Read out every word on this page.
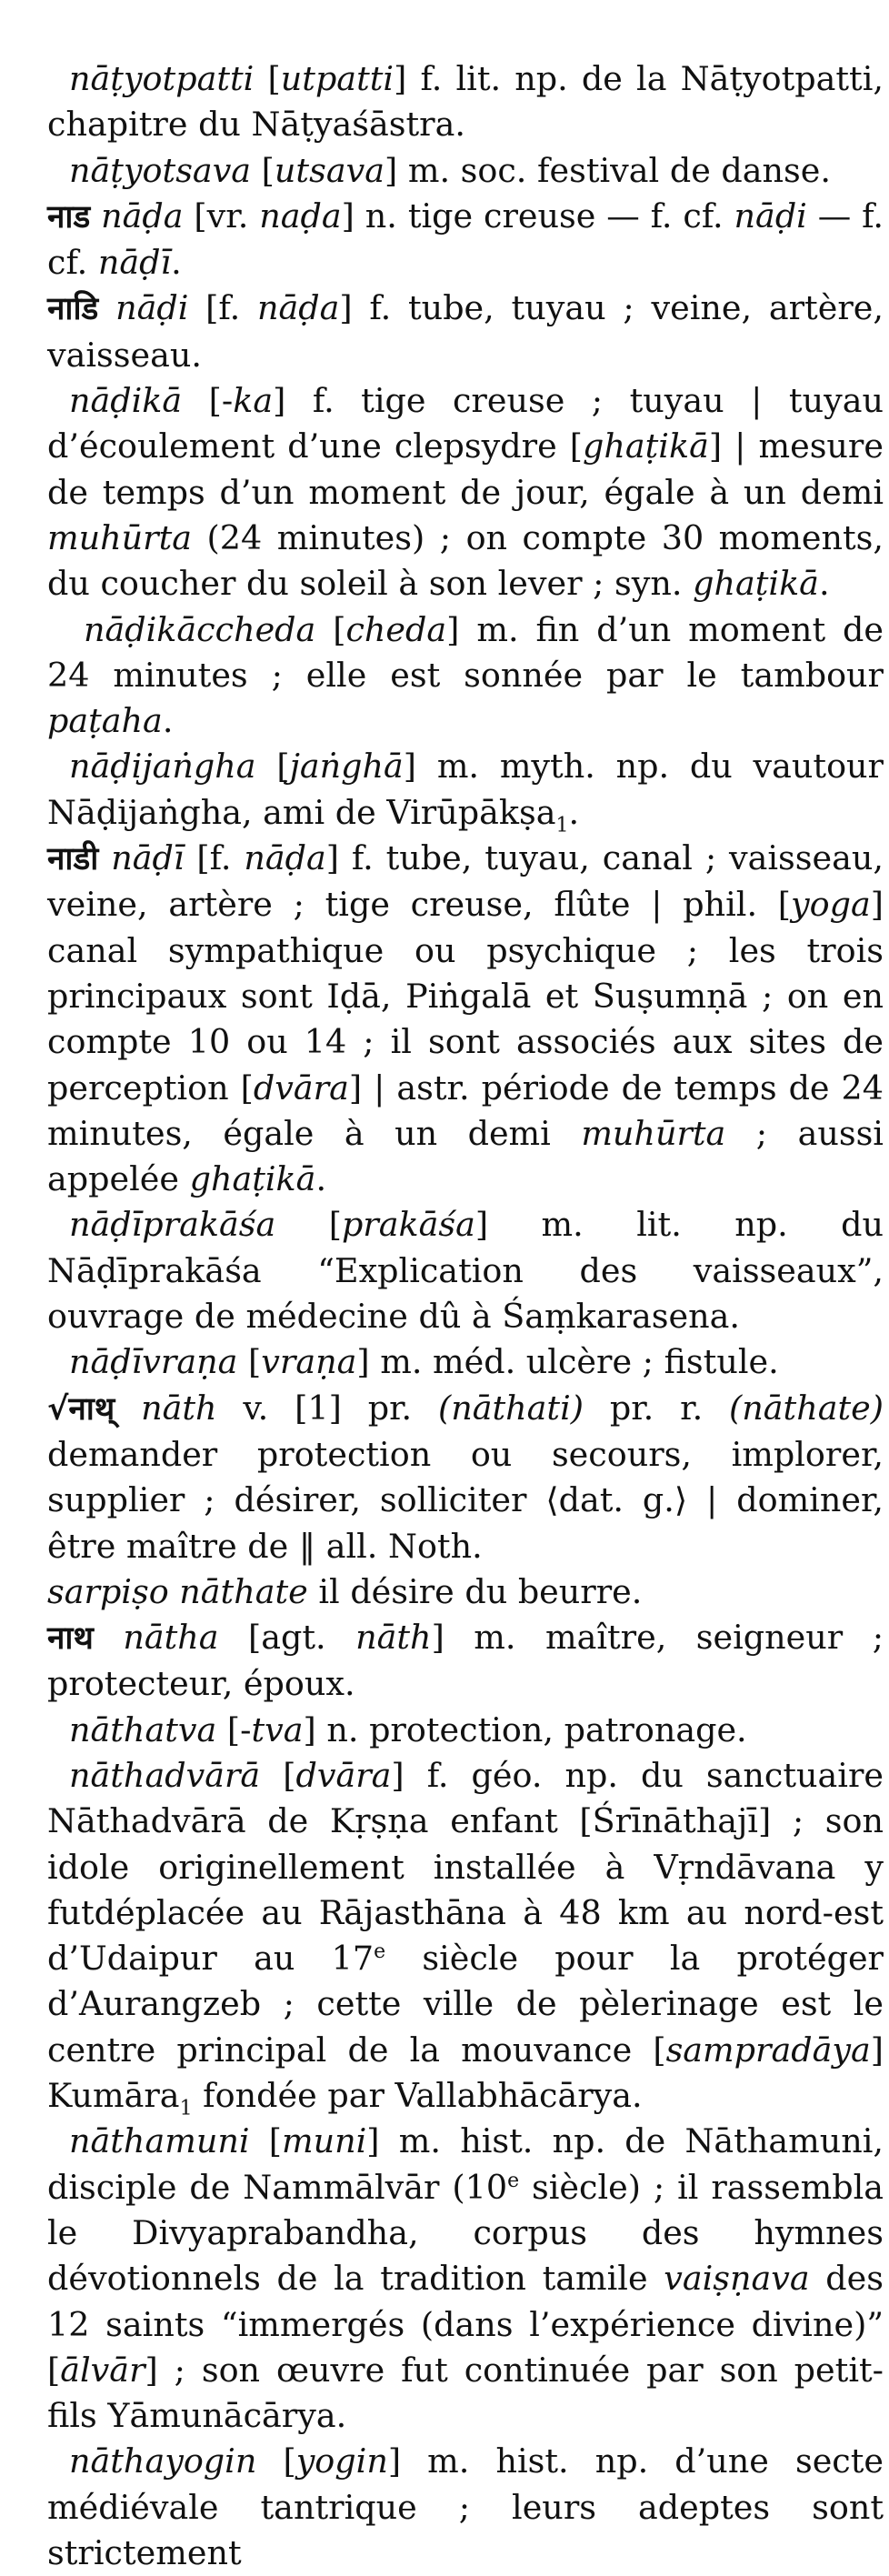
nāṭyotpatti [utpatti] f. lit. np. de la Nāṭyotpatti, chapitre du Nāṭyaśāstra.

nāṭyotsava [utsava] m. soc. festival de danse.

नाड nāḍa [vr. naḍa] n. tige creuse — f. cf. nāḍi — f. cf. nāḍī.

नाडि nāḍi [f. nāḍa] f. tube, tuyau ; veine, artère, vaisseau.

nāḍikā [-ka] f. tige creuse ; tuyau | tuyau d’écoulement d’une clepsydre [ghaṭikā] | mesure de temps d’un moment de jour, égale à un demi muhūrta (24 minutes) ; on compte 30 moments, du coucher du soleil à son lever ; syn. ghaṭikā.

nāḍikāccheda [cheda] m. fin d’un moment de 24 minutes ; elle est sonnée par le tambour paṭaha.

nāḍijaṅgha [jaṅghā] m. myth. np. du vautour Nāḍijaṅgha, ami de Virūpākṣa$_1$.

नाडी nāḍī [f. nāḍa] f. tube, tuyau, canal ; vaisseau, veine, artère ; tige creuse, flûte | phil. [yoga] canal sympathique ou psychique ; les trois principaux sont Iḍā, Piṅgalā et Suṣumṇā ; on en compte 10 ou 14 ; il sont associés aux sites de perception [dvāra] | astr. période de temps de 24 minutes, égale à un demi muhūrta ; aussi appelée ghaṭikā.

nāḍīprakāśa [prakāśa] m. lit. np. du Nāḍīprakāśa “Explication des vaisseaux”, ouvrage de médecine dû à Śaṃkarasena.

nāḍīvraṇa [vraṇa] m. méd. ulcère ; fistule.

√नाथ् nāth v. [1] pr. (nāthati) pr. r. (nāthate) demander protection ou secours, implorer, supplier ; désirer, solliciter ⟨dat. g.⟩ | dominer, être maître de ‖ all. Noth.

sarpiṣo nāthate il désire du beurre.

नाथ nātha [agt. nāth] m. maître, seigneur ; protecteur, époux.

nāthatva [-tva] n. protection, patronage.

nāthadvārā [dvāra] f. géo. np. du sanctuaire Nāthadvārā de Kṛṣṇa enfant [Śrīnāthajī] ; son idole originellement installée à Vṛndāvana y futdéplacée au Rājasthāna à 48 km au nord-est d’Udaipur au 17e siècle pour la protéger d’Aurangzeb ; cette ville de pèlerinage est le centre principal de la mouvance [sampradāya] Kumāra$_1$ fondée par Vallabhācārya.

nāthamuni [muni] m. hist. np. de Nāthamuni, disciple de Nammālvār (10e siècle) ; il rassembla le Divyaprabandha, corpus des hymnes dévotionnels de la tradition tamile vaiṣṇava des 12 saints “immergés (dans l’expérience divine)” [ālvār] ; son œuvre fut continuée par son petit-fils Yāmunācārya.

nāthayogin [yogin] m. hist. np. d’une secte médiévale tantrique ; leurs adeptes sont strictement
